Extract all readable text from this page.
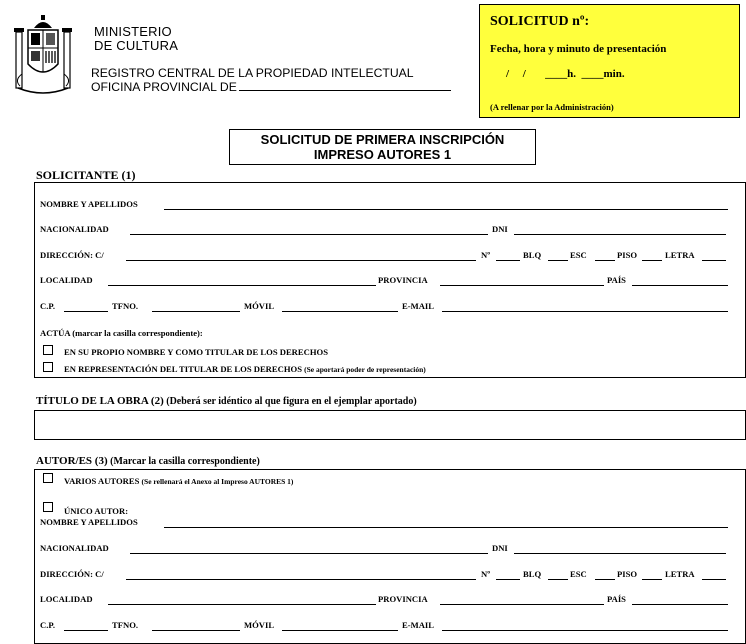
MINISTERIO
DE CULTURA
REGISTRO CENTRAL DE LA PROPIEDAD INTELECTUAL
OFICINA PROVINCIAL DE
SOLICITUD nº:
Fecha, hora y minuto de presentación
/     /       ____h.  ____min.
(A rellenar por la Administración)
SOLICITUD DE PRIMERA INSCRIPCIÓN
IMPRESO AUTORES 1
SOLICITANTE (1)
NOMBRE Y APELLIDOS
NACIONALIDAD	DNI
DIRECCIÓN: C/	Nº	BLQ	ESC	PISO	LETRA
LOCALIDAD	PROVINCIA	PAÍS
C.P.	TFNO.	MÓVIL	E-MAIL
ACTÚA (marcar la casilla correspondiente):
EN SU PROPIO NOMBRE Y COMO TITULAR DE LOS DERECHOS
EN REPRESENTACIÓN DEL TITULAR DE LOS DERECHOS (Se aportará poder de representación)
TÍTULO DE LA OBRA (2) (Deberá ser idéntico al que figura en el ejemplar aportado)
AUTOR/ES (3) (Marcar la casilla correspondiente)
VARIOS AUTORES (Se rellenará el Anexo al Impreso AUTORES 1)
ÚNICO AUTOR:
NOMBRE Y APELLIDOS
NACIONALIDAD	DNI
DIRECCIÓN: C/	Nº	BLQ	ESC	PISO	LETRA
LOCALIDAD	PROVINCIA	PAÍS
C.P.	TFNO.	MÓVIL	E-MAIL
